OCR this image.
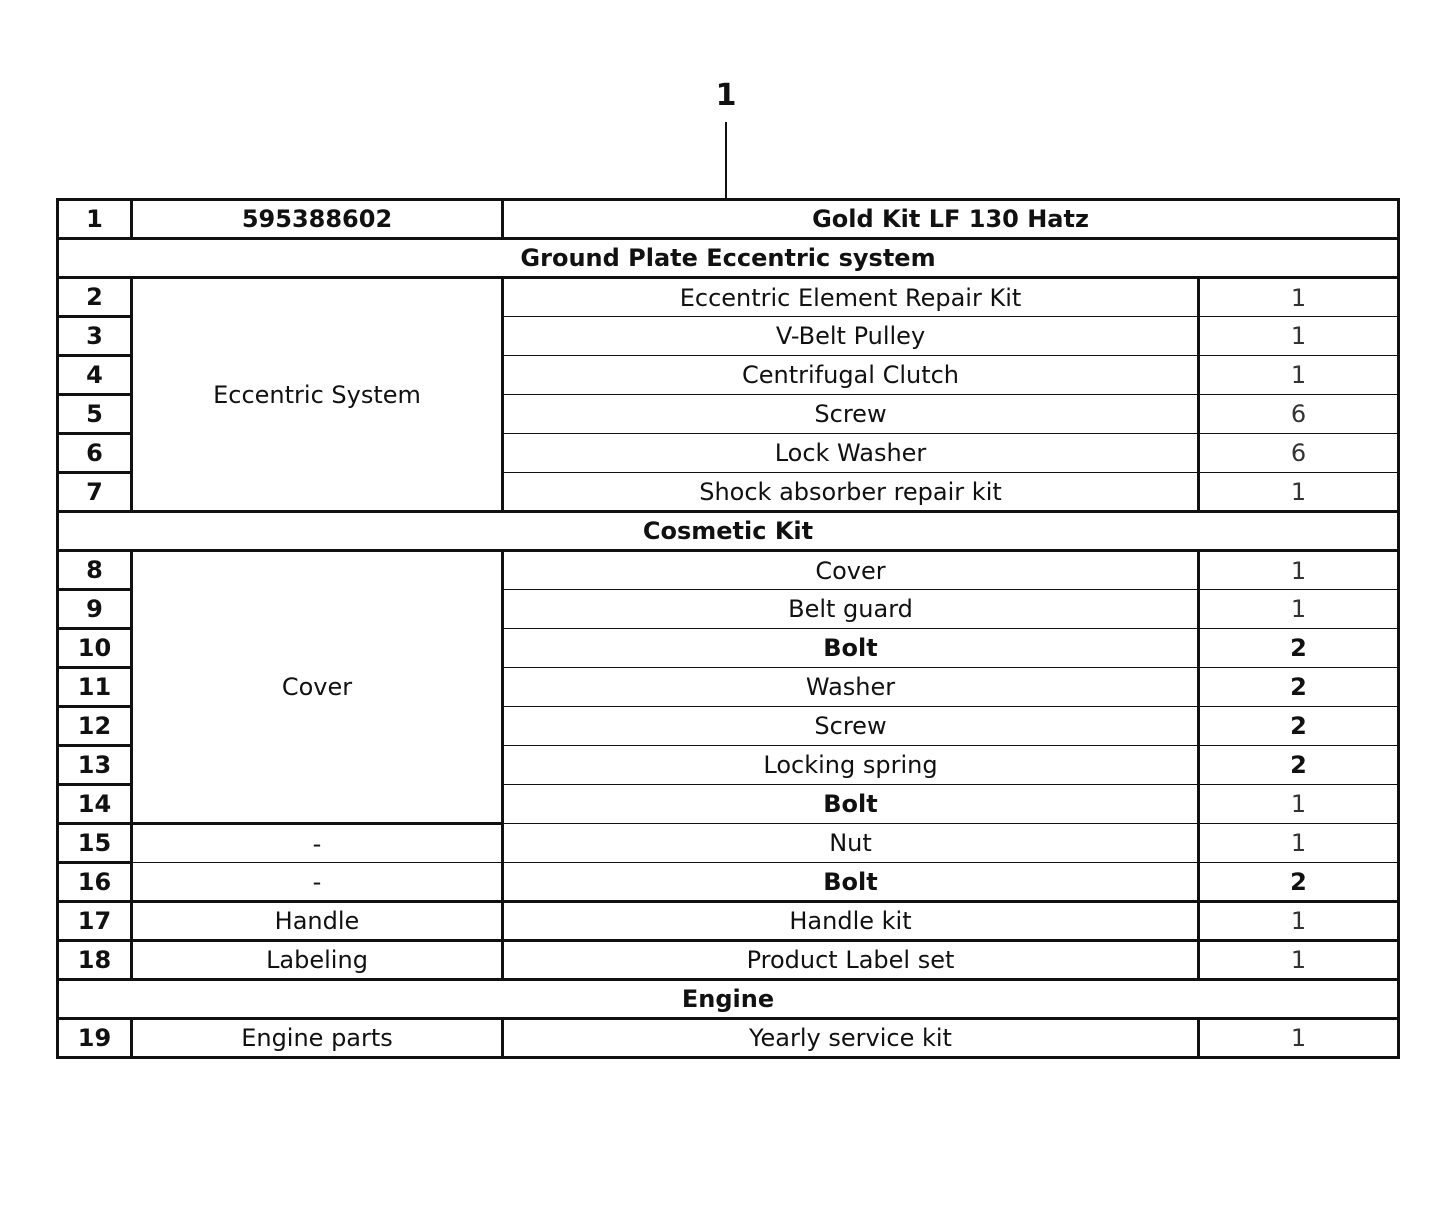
1
1	595388602	Gold Kit LF 130 Hatz	
Ground Plate Eccentric system			
2	Eccentric System	Eccentric Element Repair Kit	1
3		V-Belt Pulley	1
4		Centrifugal Clutch	1
5		Screw	6
6		Lock Washer	6
7		Shock absorber repair kit	1
Cosmetic Kit			
8	Cover	Cover	1
9		Belt guard	1
10		Bolt	2
11		Washer	2
12		Screw	2
13		Locking spring	2
14		Bolt	1
15	-	Nut	1
16	-	Bolt	2
17	Handle	Handle kit	1
18	Labeling	Product Label set	1
Engine			
19	Engine parts	Yearly service kit	1
